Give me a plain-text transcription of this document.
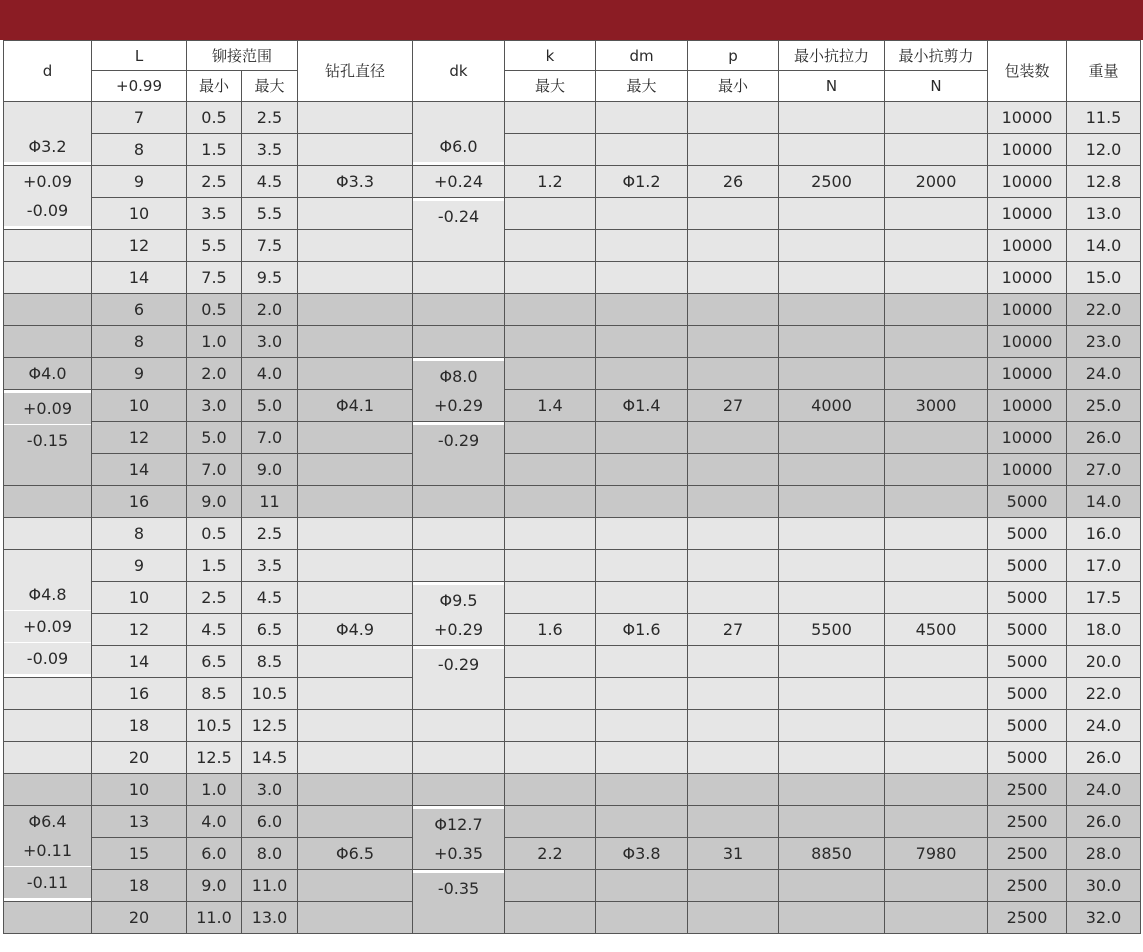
d	L	铆接范围		钻孔直径	dk	k	dm	p	最小抗拉力	最小抗剪力	包装数	重量
	+0.99	最小	最大			最大	最大	最小	N	N		
	7	0.5	2.5								10000	11.5
Φ3.2	8	1.5	3.5		Φ6.0						10000	12.0
+0.09	9	2.5	4.5	Φ3.3	+0.24	1.2	Φ1.2	26	2500	2000	10000	12.8
-0.09	10	3.5	5.5		-0.24						10000	13.0
	12	5.5	7.5								10000	14.0
	14	7.5	9.5								10000	15.0
	6	0.5	2.0								10000	22.0
	8	1.0	3.0								10000	23.0
Φ4.0	9	2.0	4.0		Φ8.0						10000	24.0
+0.09	10	3.0	5.0	Φ4.1	+0.29	1.4	Φ1.4	27	4000	3000	10000	25.0
-0.15	12	5.0	7.0		-0.29						10000	26.0
	14	7.0	9.0								10000	27.0
	16	9.0	11								5000	14.0
	8	0.5	2.5								5000	16.0
	9	1.5	3.5								5000	17.0
Φ4.8	10	2.5	4.5		Φ9.5						5000	17.5
+0.09	12	4.5	6.5	Φ4.9	+0.29	1.6	Φ1.6	27	5500	4500	5000	18.0
-0.09	14	6.5	8.5		-0.29						5000	20.0
	16	8.5	10.5								5000	22.0
	18	10.5	12.5								5000	24.0
	20	12.5	14.5								5000	26.0
	10	1.0	3.0								2500	24.0
Φ6.4	13	4.0	6.0		Φ12.7						2500	26.0
+0.11	15	6.0	8.0	Φ6.5	+0.35	2.2	Φ3.8	31	8850	7980	2500	28.0
-0.11	18	9.0	11.0		-0.35						2500	30.0
	20	11.0	13.0								2500	32.0
